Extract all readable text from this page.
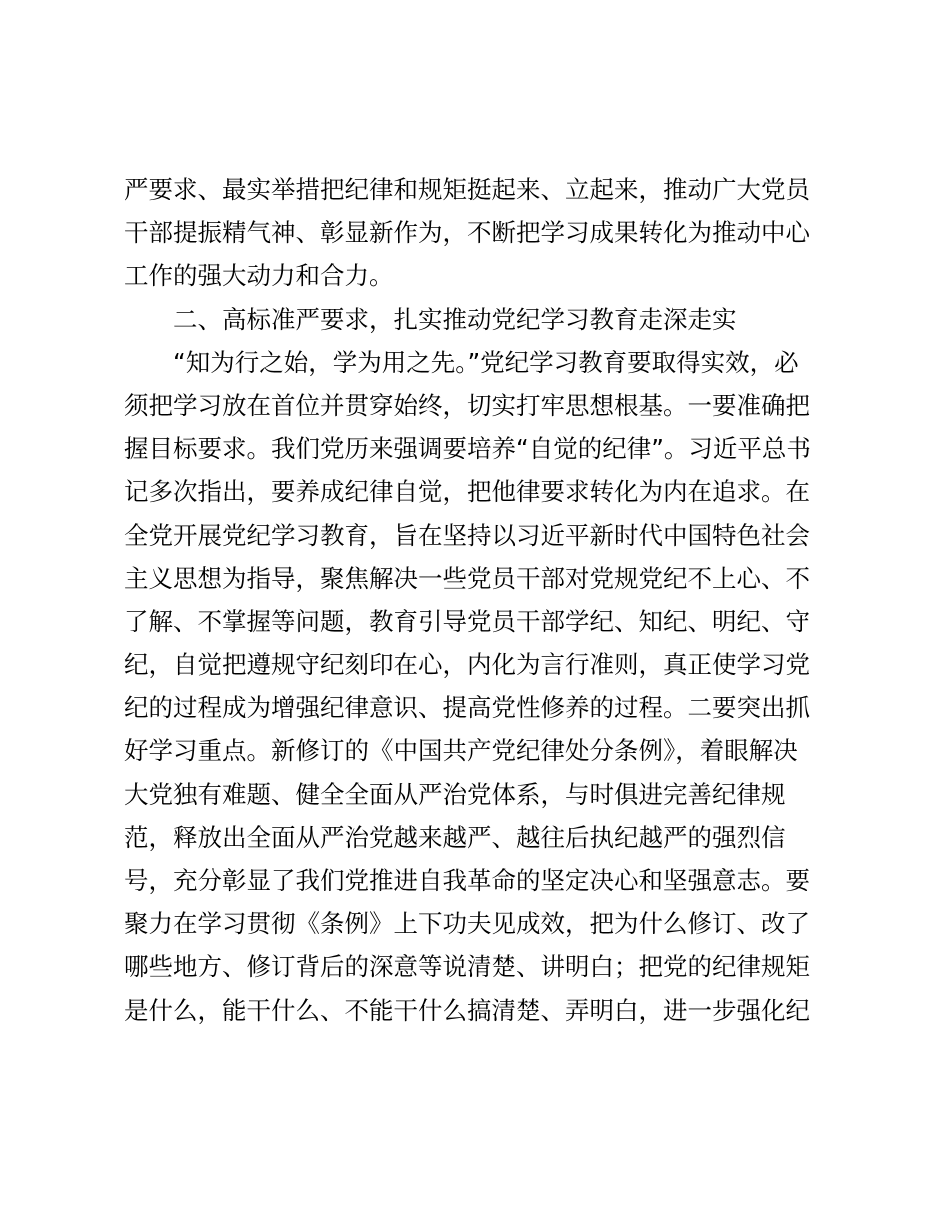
严要求、最实举措把纪律和规矩挺起来、立起来，推动广大党员
干部提振精气神、彰显新作为，不断把学习成果转化为推动中心
工作的强大动力和合力。
二、高标准严要求，扎实推动党纪学习教育走深走实
“知为行之始，学为用之先。”党纪学习教育要取得实效，必
须把学习放在首位并贯穿始终，切实打牢思想根基。一要准确把
握目标要求。我们党历来强调要培养“自觉的纪律”。习近平总书
记多次指出，要养成纪律自觉，把他律要求转化为内在追求。在
全党开展党纪学习教育，旨在坚持以习近平新时代中国特色社会
主义思想为指导，聚焦解决一些党员干部对党规党纪不上心、不
了解、不掌握等问题，教育引导党员干部学纪、知纪、明纪、守
纪，自觉把遵规守纪刻印在心，内化为言行准则，真正使学习党
纪的过程成为增强纪律意识、提高党性修养的过程。二要突出抓
好学习重点。新修订的《中国共产党纪律处分条例》，着眼解决
大党独有难题、健全全面从严治党体系，与时俱进完善纪律规
范，释放出全面从严治党越来越严、越往后执纪越严的强烈信
号，充分彰显了我们党推进自我革命的坚定决心和坚强意志。要
聚力在学习贯彻《条例》上下功夫见成效，把为什么修订、改了
哪些地方、修订背后的深意等说清楚、讲明白；把党的纪律规矩
是什么，能干什么、不能干什么搞清楚、弄明白，进一步强化纪
